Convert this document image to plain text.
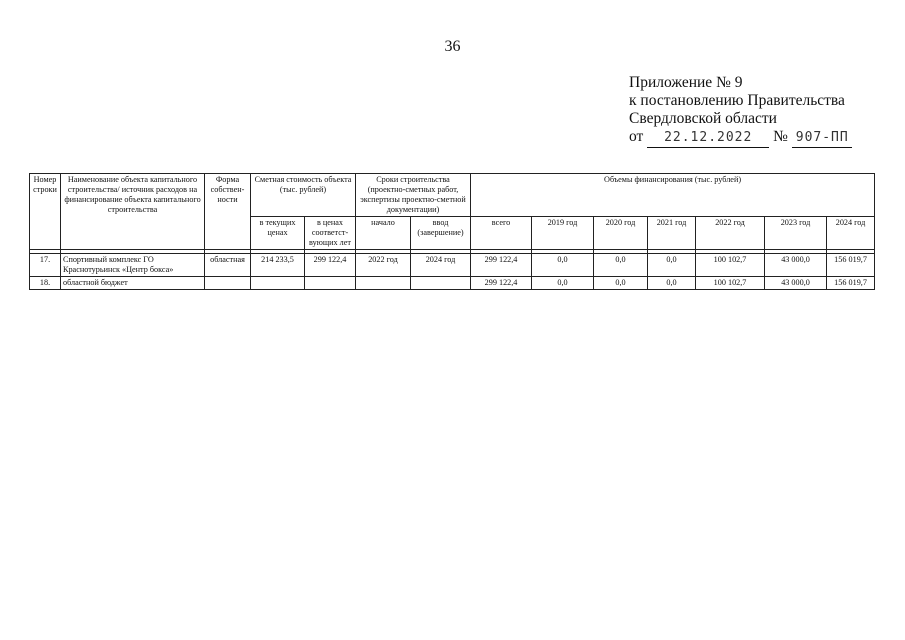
36
Приложение № 9
к постановлению Правительства
Свердловской области
от 22.12.2022 № 907-ПП
Номер строки	Наименование объекта капитального строительства/ источник расходов на финансирование объекта капитального строительства	Форма собствен-ности	Сметная стоимость объекта (тыс. рублей)		Сроки строительства (проектно-сметных работ, экспертизы проектно-сметной документации)		Объемы финансирования (тыс. рублей)						
			в текущих ценах	в ценах соответст-вующих лет	начало	ввод (завершение)	всего	2019 год	2020 год	2021 год	2022 год	2023 год	2024 год

17.	Спортивный комплекс ГО Краснотурьинск «Центр бокса»	областная	214 233,5	299 122,4	2022 год	2024 год	299 122,4	0,0	0,0	0,0	100 102,7	43 000,0	156 019,7
18.	областной бюджет						299 122,4	0,0	0,0	0,0	100 102,7	43 000,0	156 019,7
